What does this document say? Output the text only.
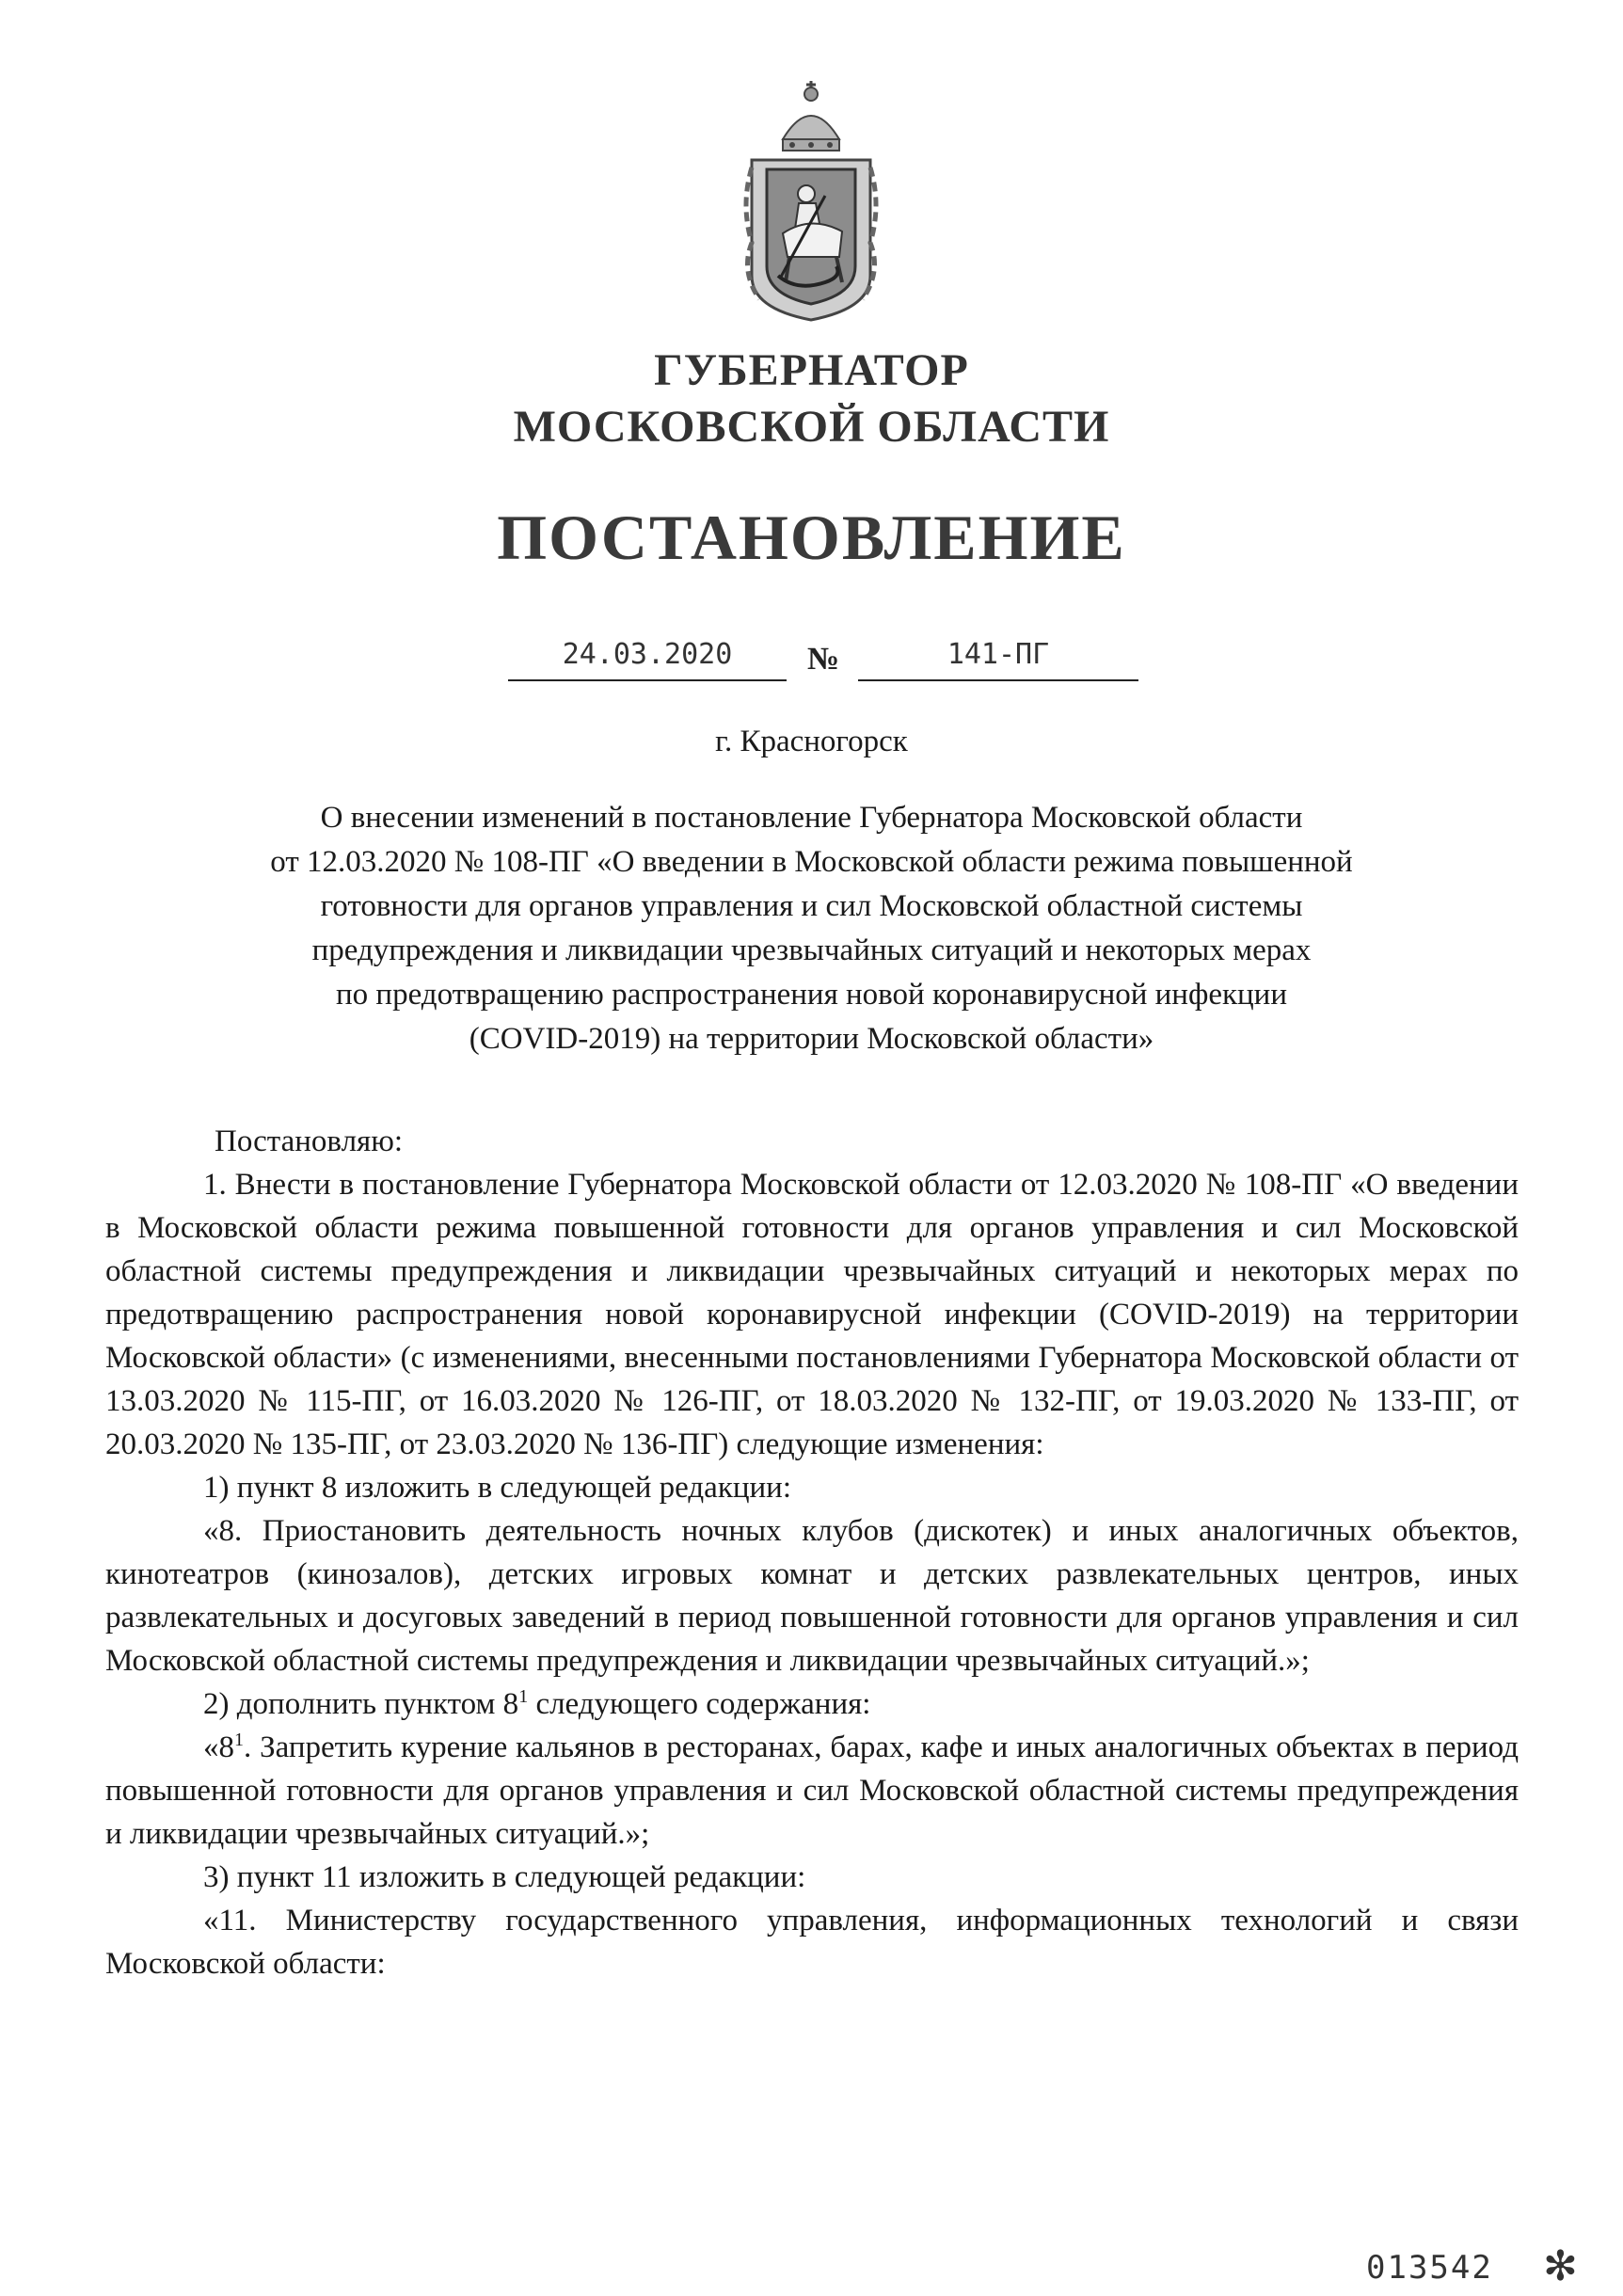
ГУБЕРНАТОР
МОСКОВСКОЙ ОБЛАСТИ
ПОСТАНОВЛЕНИЕ
24.03.2020	№	141-ПГ
г. Красногорск
О внесении изменений в постановление Губернатора Московской области
от 12.03.2020 № 108-ПГ «О введении в Московской области режима повышенной
готовности для органов управления и сил Московской областной системы
предупреждения и ликвидации чрезвычайных ситуаций и некоторых мерах
по предотвращению распространения новой коронавирусной инфекции
(COVID-2019) на территории Московской области»

Постановляю:

1. Внести в постановление Губернатора Московской области от 12.03.2020 № 108-ПГ «О введении в Московской области режима повышенной готовности для органов управления и сил Московской областной системы предупреждения и ликвидации чрезвычайных ситуаций и некоторых мерах по предотвращению распространения новой коронавирусной инфекции (COVID-2019) на территории Московской области» (с изменениями, внесенными постановлениями Губернатора Московской области от 13.03.2020 № 115-ПГ, от 16.03.2020 № 126-ПГ, от 18.03.2020 № 132-ПГ, от 19.03.2020 № 133-ПГ, от 20.03.2020 № 135-ПГ, от 23.03.2020 № 136-ПГ) следующие изменения:

1) пункт 8 изложить в следующей редакции:

«8. Приостановить деятельность ночных клубов (дискотек) и иных аналогичных объектов, кинотеатров (кинозалов), детских игровых комнат и детских развлекательных центров, иных развлекательных и досуговых заведений в период повышенной готовности для органов управления и сил Московской областной системы предупреждения и ликвидации чрезвычайных ситуаций.»;

2) дополнить пунктом $8^1$ следующего содержания:

«$8^1$. Запретить курение кальянов в ресторанах, барах, кафе и иных аналогичных объектах в период повышенной готовности для органов управления и сил Московской областной системы предупреждения и ликвидации чрезвычайных ситуаций.»;

3) пункт 11 изложить в следующей редакции:

«11. Министерству государственного управления, информационных технологий и связи Московской области:

013542 ✻
